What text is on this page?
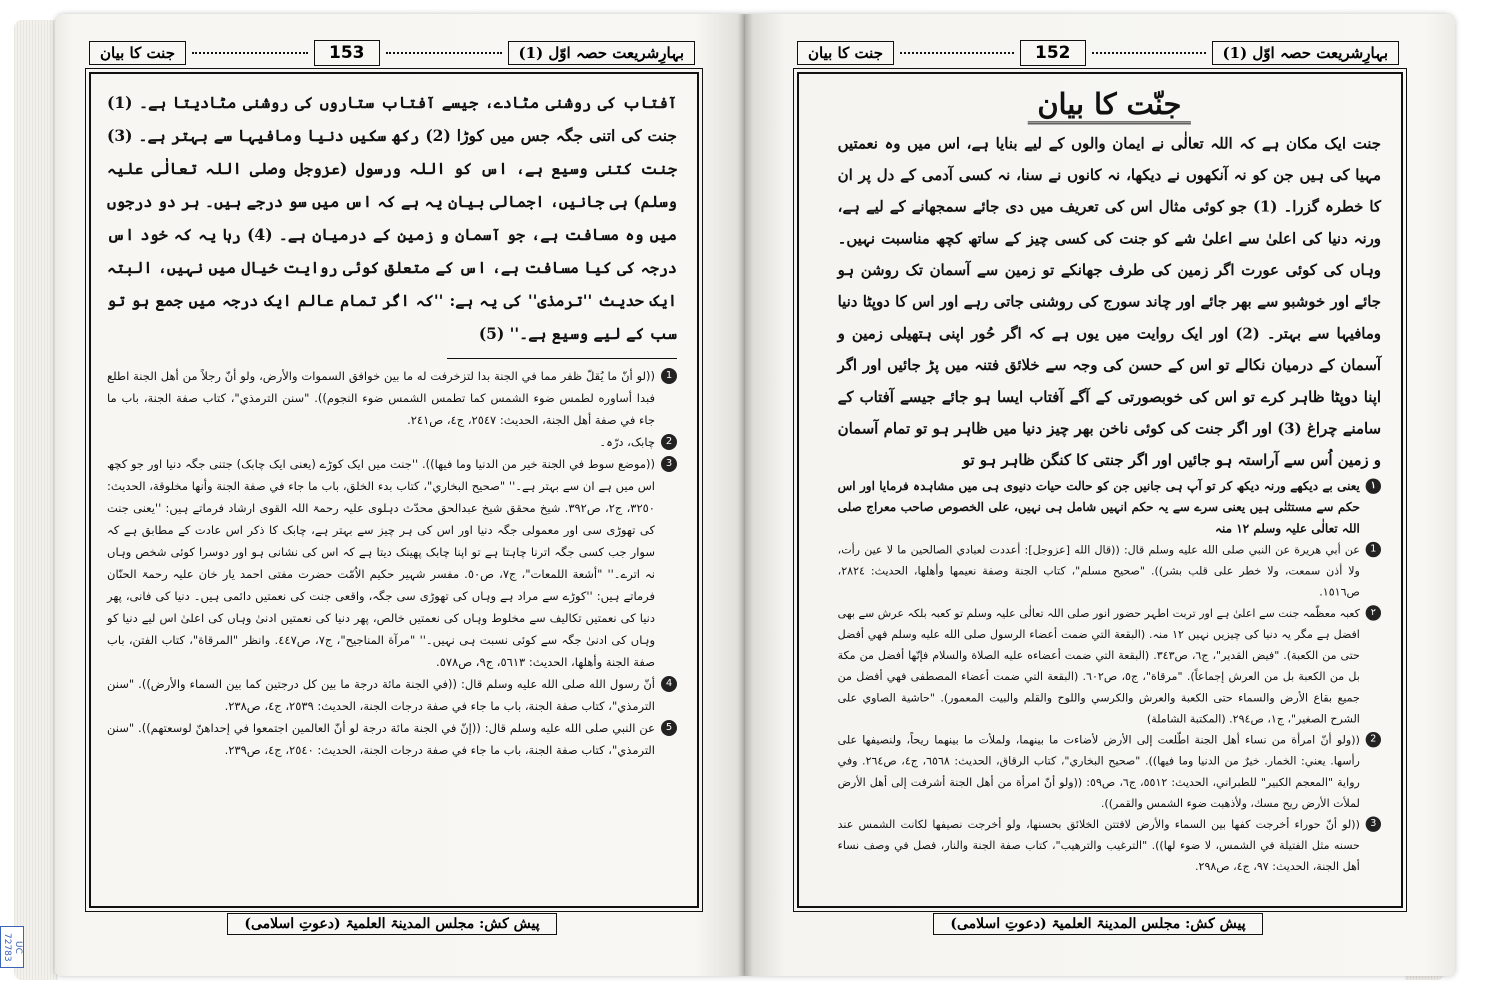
بہارِشریعت حصہ اوّل (1)
153
جنت کا بیان

آفتاب کی روشنی مٹادے، جیسے آفتاب ستاروں کی روشنی مٹادیتا ہے۔ (1) جنت کی اتنی جگہ جس میں کوڑا (2) رکھ سکیں دنیا ومافیہا سے بہتر ہے۔ (3) جنت کتنی وسیع ہے، اس کو اللہ ورسول (عزوجل وصلی اللہ تعالٰی علیہ وسلم) ہی جانیں، اجمالی بیان یہ ہے کہ اس میں سو درجے ہیں۔ ہر دو درجوں میں وہ مسافت ہے، جو آسمان و زمین کے درمیان ہے۔ (4) رہا یہ کہ خود اس درجہ کی کیا مسافت ہے، اس کے متعلق کوئی روایت خیال میں نہیں، البتہ ایک حدیث ''ترمذی'' کی یہ ہے: ''کہ اگر تمام عالم ایک درجہ میں جمع ہو تو سب کے لیے وسیع ہے۔'' (5)

1
((لو أنّ ما يُقلّ ظفر مما في الجنة بدا لتزخرفت له ما بين خوافق السموات والأرض، ولو أنّ رجلاً من أهل الجنة اطلع فبدا أساوره لطمس ضوء الشمس كما تطمس الشمس ضوء النجوم)). "سنن الترمذي"، كتاب صفة الجنة، باب ما جاء في صفة أهل الجنة، الحديث: ٢٥٤٧، ج٤، ص٢٤١.

2
چابک، درّہ۔

3
((موضع سوط في الجنة خير من الدنيا وما فيها)). ''جنت میں ایک کوڑے (یعنی ایک چابک) جتنی جگہ دنیا اور جو کچھ اس میں ہے ان سے بہتر ہے۔'' "صحيح البخاري"، كتاب بدء الخلق، باب ما جاء في صفة الجنة وأنها مخلوقة، الحديث: ٣٢٥٠، ج٢، ص٣٩٢. شیخ محقق شیخ عبدالحق محدّث دہلوی علیہ رحمۃ اللہ القوی ارشاد فرماتے ہیں: ''یعنی جنت کی تھوڑی سی اور معمولی جگہ دنیا اور اس کی ہر چیز سے بہتر ہے، چابک کا ذکر اس عادت کے مطابق ہے کہ سوار جب کسی جگہ اترنا چاہتا ہے تو اپنا چابک پھینک دیتا ہے کہ اس کی نشانی ہو اور دوسرا کوئی شخص وہاں نہ اترے۔'' "أشعة اللمعات"، ج٧، ص٥٠. مفسر شہیر حکیم الاُمّت حضرت مفتی احمد یار خان علیہ رحمۃ الحنّان فرماتے ہیں: ''کوڑے سے مراد ہے وہاں کی تھوڑی سی جگہ، واقعی جنت کی نعمتیں دائمی ہیں۔ دنیا کی فانی، پھر دنیا کی نعمتیں تکالیف سے مخلوط وہاں کی نعمتیں خالص، پھر دنیا کی نعمتیں ادنیٰ وہاں کی اعلیٰ اس لیے دنیا کو وہاں کی ادنیٰ جگہ سے کوئی نسبت ہی نہیں۔'' "مرآة المناجيح"، ج٧، ص٤٤٧. وانظر "المرقاة"، كتاب الفتن، باب صفة الجنة وأهلها، الحديث: ٥٦١٣، ج٩، ص٥٧٨.

4
أنّ رسول الله صلى الله عليه وسلم قال: ((في الجنة مائة درجة ما بين كل درجتين كما بين السماء والأرض)). "سنن الترمذي"، كتاب صفة الجنة، باب ما جاء في صفة درجات الجنة، الحديث: ٢٥٣٩، ج٤، ص٢٣٨.

5
عن النبي صلى الله عليه وسلم قال: ((إنّ في الجنة مائة درجة لو أنّ العالمين اجتمعوا في إحداهنّ لوسعتهم)). "سنن الترمذي"، كتاب صفة الجنة، باب ما جاء في صفة درجات الجنة، الحديث: ٢٥٤٠، ج٤، ص٢٣٩.

پیش کش: مجلس المدینۃ العلمیۃ (دعوتِ اسلامی)
بہارِشریعت حصہ اوّل (1)
152
جنت کا بیان
جنّت کا بیان

جنت ایک مکان ہے کہ اللہ تعالٰی نے ایمان والوں کے لیے بنایا ہے، اس میں وہ نعمتیں مہیا کی ہیں جن کو نہ آنکھوں نے دیکھا، نہ کانوں نے سنا، نہ کسی آدمی کے دل پر ان کا خطرہ گزرا۔ (1) جو کوئی مثال اس کی تعریف میں دی جائے سمجھانے کے لیے ہے، ورنہ دنیا کی اعلیٰ سے اعلیٰ شے کو جنت کی کسی چیز کے ساتھ کچھ مناسبت نہیں۔ وہاں کی کوئی عورت اگر زمین کی طرف جھانکے تو زمین سے آسمان تک روشن ہو جائے اور خوشبو سے بھر جائے اور چاند سورج کی روشنی جاتی رہے اور اس کا دوپٹا دنیا ومافیہا سے بہتر۔ (2) اور ایک روایت میں یوں ہے کہ اگر حُور اپنی ہتھیلی زمین و آسمان کے درمیان نکالے تو اس کے حسن کی وجہ سے خلائق فتنہ میں پڑ جائیں اور اگر اپنا دوپٹا ظاہر کرے تو اس کی خوبصورتی کے آگے آفتاب ایسا ہو جائے جیسے آفتاب کے سامنے چراغ (3) اور اگر جنت کی کوئی ناخن بھر چیز دنیا میں ظاہر ہو تو تمام آسمان و زمین اُس سے آراستہ ہو جائیں اور اگر جنتی کا کنگن ظاہر ہو تو

١
یعنی بے دیکھے ورنہ دیکھ کر تو آپ ہی جانیں جن کو حالت حیات دنیوی ہی میں مشاہدہ فرمایا اور اس حکم سے مستثنٰی ہیں یعنی سرے سے یہ حکم انہیں شامل ہی نہیں، علی الخصوص صاحب معراج صلی اللہ تعالٰی علیہ وسلم ۱۲ منہ

1
عن أبي هريرة عن النبي صلى الله عليه وسلم قال: ((قال الله [عزوجل]: أعددت لعبادي الصالحين ما لا عين رأت، ولا أذن سمعت، ولا خطر على قلب بشر)). "صحيح مسلم"، كتاب الجنة وصفة نعيمها وأهلها، الحديث: ٢٨٢٤، ص١٥١٦.

٢
کعبہ معظّمہ جنت سے اعلیٰ ہے اور تربت اطہر حضور انور صلی اللہ تعالٰی علیہ وسلم تو کعبہ بلکہ عرش سے بھی افضل ہے مگر یہ دنیا کی چیزیں نہیں ۱۲ منہ. (البقعة التي ضمت أعضاء الرسول صلى الله عليه وسلم فهي أفضل حتى من الكعبة). "فيض القدير"، ج٦، ص٣٤٣. (البقعة التي ضمت أعضاءه عليه الصلاة والسلام فإنّها أفضل من مكة بل من الكعبة بل من العرش إجماعاً). "مرقاة"، ج٥، ص٦٠٢. (البقعة التي ضمت أعضاء المصطفى فهي أفضل من جميع بقاع الأرض والسماء حتى الكعبة والعرش والكرسي واللوح والقلم والبيت المعمور). "حاشية الصاوي على الشرح الصغير"، ج١، ص٢٩٤. (المكتبة الشاملة)

2
((ولو أنّ امرأة من نساء أهل الجنة اطّلعت إلى الأرض لأضاءت ما بينهما، ولملأت ما بينهما ريحاً، ولنصيفها على رأسها. يعني: الخمار. خيرٌ من الدنيا وما فيها)). "صحيح البخاري"، كتاب الرقاق، الحديث: ٦٥٦٨، ج٤، ص٢٦٤. وفي رواية "المعجم الكبير" للطبراني، الحديث: ٥٥١٢، ج٦، ص٥٩: ((ولو أنّ امرأة من أهل الجنة أشرفت إلى أهل الأرض لملأت الأرض ريح مسك، ولأذهبت ضوء الشمس والقمر)).

3
((لو أنّ حوراء أخرجت كفها بين السماء والأرض لافتتن الخلائق بحسنها، ولو أخرجت نصيفها لكانت الشمس عند حسنه مثل الفتيلة في الشمس، لا ضوء لها)). "الترغيب والترهيب"، كتاب صفة الجنة والنار، فصل في وصف نساء أهل الجنة، الحديث: ٩٧، ج٤، ص٢٩٨.

پیش کش: مجلس المدینۃ العلمیۃ (دعوتِ اسلامی)
UC 72783
